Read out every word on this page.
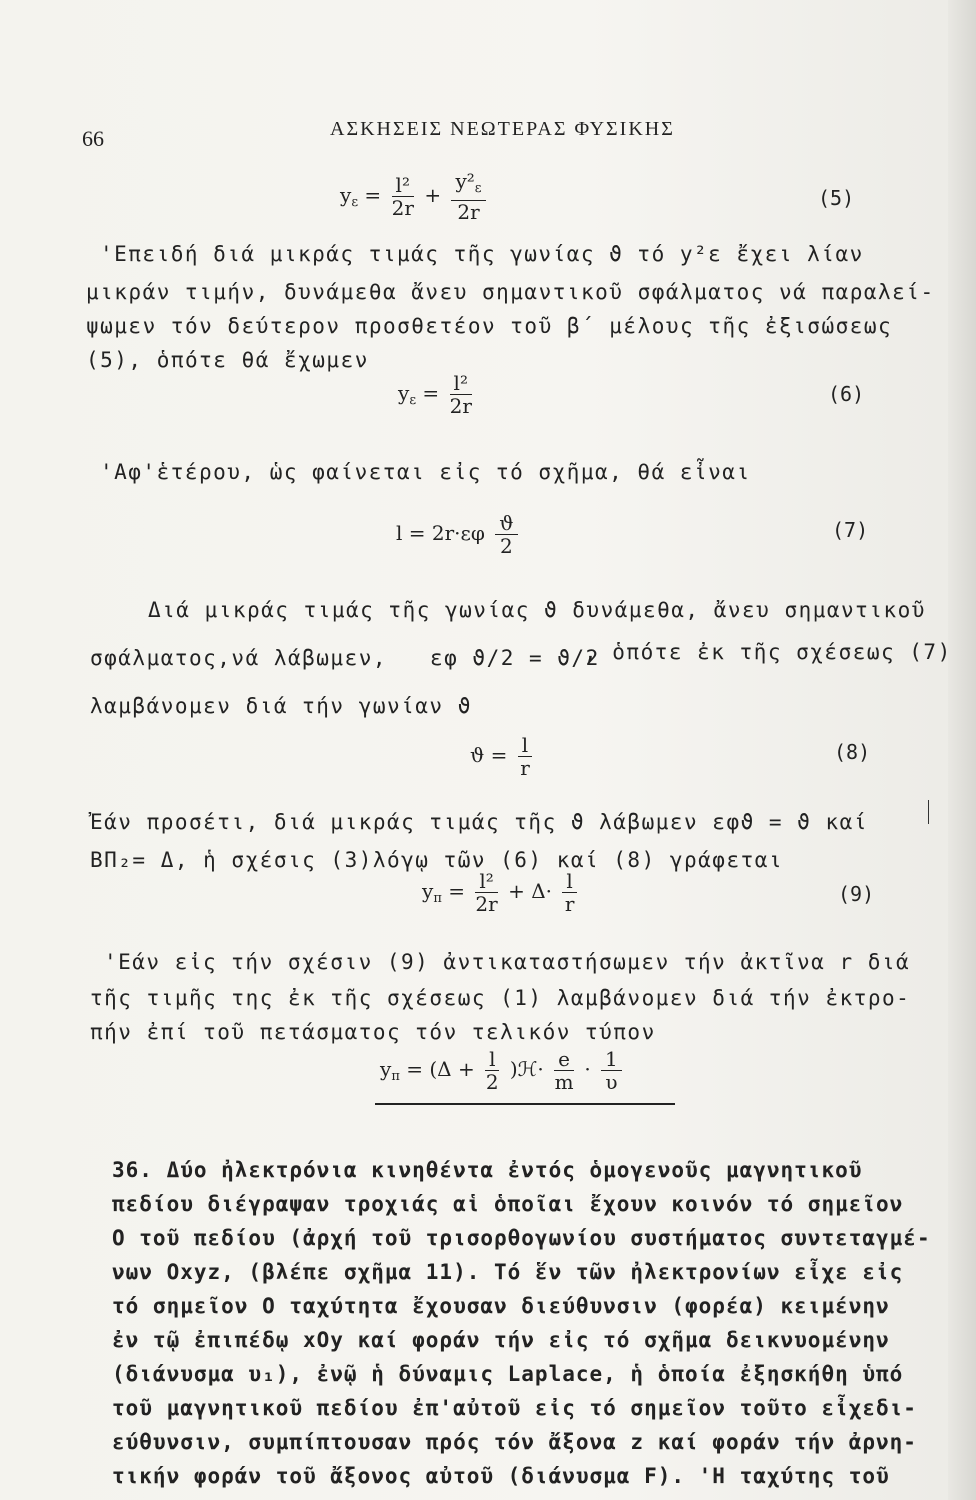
66	ΑΣΚΗΣΕΙΣ ΝΕΩΤΕΡΑΣ ΦΥΣΙΚΗΣ
$y_\varepsilon = \frac{\text{l²}}{2r} + \frac{y^2_\varepsilon}{2r}$	(5)
'Επειδή διά μικράς τιμάς τῆς γωνίας ϑ τό y²ε ἔχει λίαν
μικράν τιμήν, δυνάμεθα ἄνευ σημαντικοῦ σφάλματος νά παραλεί-
ψωμεν τόν δεύτερον προσθετέον τοῦ β΄ μέλους τῆς ἐξισώσεως
(5), ὁπότε θά ἔχωμεν
$y_\varepsilon = \frac{\text{l²}}{2r}$	(6)
'Αφ'ἑτέρου, ὡς φαίνεται εἰς τό σχῆμα, θά εἶναι
$l = 2r\cdot\varepsilon\varphi \frac{ϑ}{2}$	(7)
Διά μικράς τιμάς τῆς γωνίας ϑ δυνάμεθα, ἄνευ σημαντικοῦ
σφάλματος,νά λάβωμεν, εφ ϑ/2 = ϑ/2
, ὁπότε ἐκ τῆς σχέσεως (7)
λαμβάνομεν διά τήν γωνίαν ϑ
$ϑ = \frac{l}{r}$	(8)
Ἐάν προσέτι, διά μικράς τιμάς τῆς ϑ λάβωμεν εφϑ = ϑ καί
ΒΠ₂= Δ, ἡ σχέσις (3)λόγῳ τῶν (6) καί (8) γράφεται
$y_\pi = \frac{\text{l²}}{2r} + \Delta\cdot \frac{l}{r}$	(9)
'Εάν εἰς τήν σχέσιν (9) ἀντικαταστήσωμεν τήν ἀκτῖνα r διά
τῆς τιμῆς της ἐκ τῆς σχέσεως (1) λαμβάνομεν διά τήν ἐκτρο-
πήν ἐπί τοῦ πετάσματος τόν τελικόν τύπον
$y_\pi = (\Delta + \frac{l}{2}$ )ℋ· $\frac{e}{m} \cdot \frac{1}{\upsilon}$
36. Δύο ἠλεκτρόνια κινηθέντα ἐντός ὁμογενοῦς μαγνητικοῦ
πεδίου διέγραψαν τροχιάς αἱ ὁποῖαι ἔχουν κοινόν τό σημεῖον
Ο τοῦ πεδίου (ἀρχή τοῦ τρισορθογωνίου συστήματος συντεταγμέ-
νων Οxyz, (βλέπε σχῆμα 11). Τό ἕν τῶν ἠλεκτρονίων εἶχε εἰς
τό σημεῖον Ο ταχύτητα ἔχουσαν διεύθυνσιν (φορέα) κειμένην
ἐν τῷ ἐπιπέδῳ xOy καί φοράν τήν εἰς τό σχῆμα δεικνυομένην
(διάνυσμα υ₁), ἐνῷ ἡ δύναμις Laplace, ἡ ὁποία ἐξησκήθη ὑπό
τοῦ μαγνητικοῦ πεδίου ἐπ'αὐτοῦ εἰς τό σημεῖον τοῦτο εἶχεδι-
εύθυνσιν, συμπίπτουσαν πρός τόν ἄξονα z καί φοράν τήν ἀρνη-
τικήν φοράν τοῦ ἄξονος αὐτοῦ (διάνυσμα F). 'Η ταχύτης τοῦ
